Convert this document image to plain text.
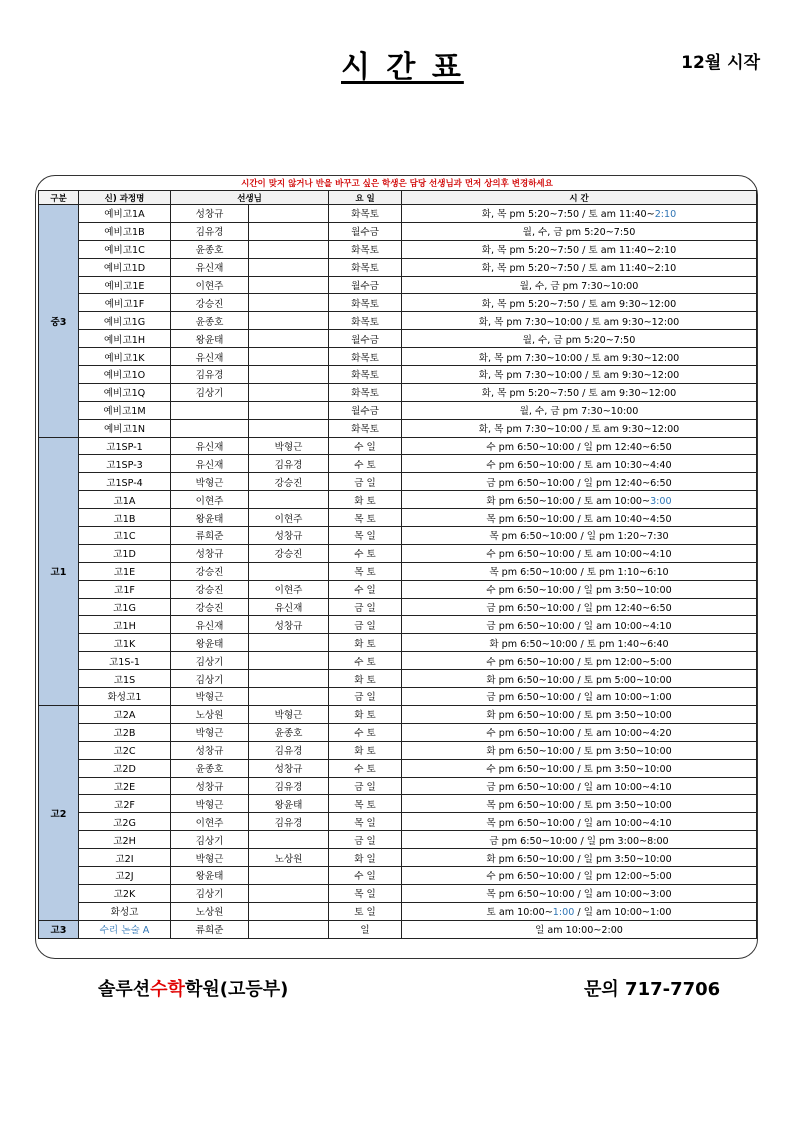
시 간 표	12월 시작
시간이 맞지 않거나 반을 바꾸고 싶은 학생은 담당 선생님과 먼저 상의후 변경하세요
구분	신) 과정명	선생님		요 일	시 간
중3	예비고1A	성창규		화목토	화, 목 pm 5:20~7:50 / 토 am 11:40~2:10
	예비고1B	김유경		월수금	월, 수, 금 pm 5:20~7:50
	예비고1C	윤종호		화목토	화, 목 pm 5:20~7:50 / 토 am 11:40~2:10
	예비고1D	유신재		화목토	화, 목 pm 5:20~7:50 / 토 am 11:40~2:10
	예비고1E	이현주		월수금	월, 수, 금 pm 7:30~10:00
	예비고1F	강승진		화목토	화, 목 pm 5:20~7:50 / 토 am 9:30~12:00
	예비고1G	윤종호		화목토	화, 목 pm 7:30~10:00 / 토 am 9:30~12:00
	예비고1H	왕윤태		월수금	월, 수, 금 pm 5:20~7:50
	예비고1K	유신재		화목토	화, 목 pm 7:30~10:00 / 토 am 9:30~12:00
	예비고1O	김유경		화목토	화, 목 pm 7:30~10:00 / 토 am 9:30~12:00
	예비고1Q	김상기		화목토	화, 목 pm 5:20~7:50 / 토 am 9:30~12:00
	예비고1M			월수금	월, 수, 금 pm 7:30~10:00
	예비고1N			화목토	화, 목 pm 7:30~10:00 / 토 am 9:30~12:00
고1	고1SP-1	유신재	박형근	수 일	수 pm 6:50~10:00 / 일 pm 12:40~6:50
	고1SP-3	유신재	김유경	수 토	수 pm 6:50~10:00 / 토 am 10:30~4:40
	고1SP-4	박형근	강승진	금 일	금 pm 6:50~10:00 / 일 pm 12:40~6:50
	고1A	이현주		화 토	화 pm 6:50~10:00 / 토 am 10:00~3:00
	고1B	왕윤태	이현주	목 토	목 pm 6:50~10:00 / 토 am 10:40~4:50
	고1C	류희준	성창규	목 일	목 pm 6:50~10:00 / 일 pm 1:20~7:30
	고1D	성창규	강승진	수 토	수 pm 6:50~10:00 / 토 am 10:00~4:10
	고1E	강승진		목 토	목 pm 6:50~10:00 / 토 pm 1:10~6:10
	고1F	강승진	이현주	수 일	수 pm 6:50~10:00 / 일 pm 3:50~10:00
	고1G	강승진	유신재	금 일	금 pm 6:50~10:00 / 일 pm 12:40~6:50
	고1H	유신재	성창규	금 일	금 pm 6:50~10:00 / 일 am 10:00~4:10
	고1K	왕윤태		화 토	화 pm 6:50~10:00 / 토 pm 1:40~6:40
	고1S-1	김상기		수 토	수 pm 6:50~10:00 / 토 pm 12:00~5:00
	고1S	김상기		화 토	화 pm 6:50~10:00 / 토 pm 5:00~10:00
	화성고1	박형근		금 일	금 pm 6:50~10:00 / 일 am 10:00~1:00
고2	고2A	노상원	박형근	화 토	화 pm 6:50~10:00 / 토 pm 3:50~10:00
	고2B	박형근	윤종호	수 토	수 pm 6:50~10:00 / 토 am 10:00~4:20
	고2C	성창규	김유경	화 토	화 pm 6:50~10:00 / 토 pm 3:50~10:00
	고2D	윤종호	성창규	수 토	수 pm 6:50~10:00 / 토 pm 3:50~10:00
	고2E	성창규	김유경	금 일	금 pm 6:50~10:00 / 일 am 10:00~4:10
	고2F	박형근	왕윤태	목 토	목 pm 6:50~10:00 / 토 pm 3:50~10:00
	고2G	이현주	김유경	목 일	목 pm 6:50~10:00 / 일 am 10:00~4:10
	고2H	김상기		금 일	금 pm 6:50~10:00 / 일 pm 3:00~8:00
	고2I	박형근	노상원	화 일	화 pm 6:50~10:00 / 일 pm 3:50~10:00
	고2J	왕윤태		수 일	수 pm 6:50~10:00 / 일 pm 12:00~5:00
	고2K	김상기		목 일	목 pm 6:50~10:00 / 일 am 10:00~3:00
	화성고	노상원		토 일	토 am 10:00~1:00 / 일 am 10:00~1:00
고3	수리 논술 A	류희준		일	일 am 10:00~2:00
솔루션수학학원(고등부)	문의 717-7706
